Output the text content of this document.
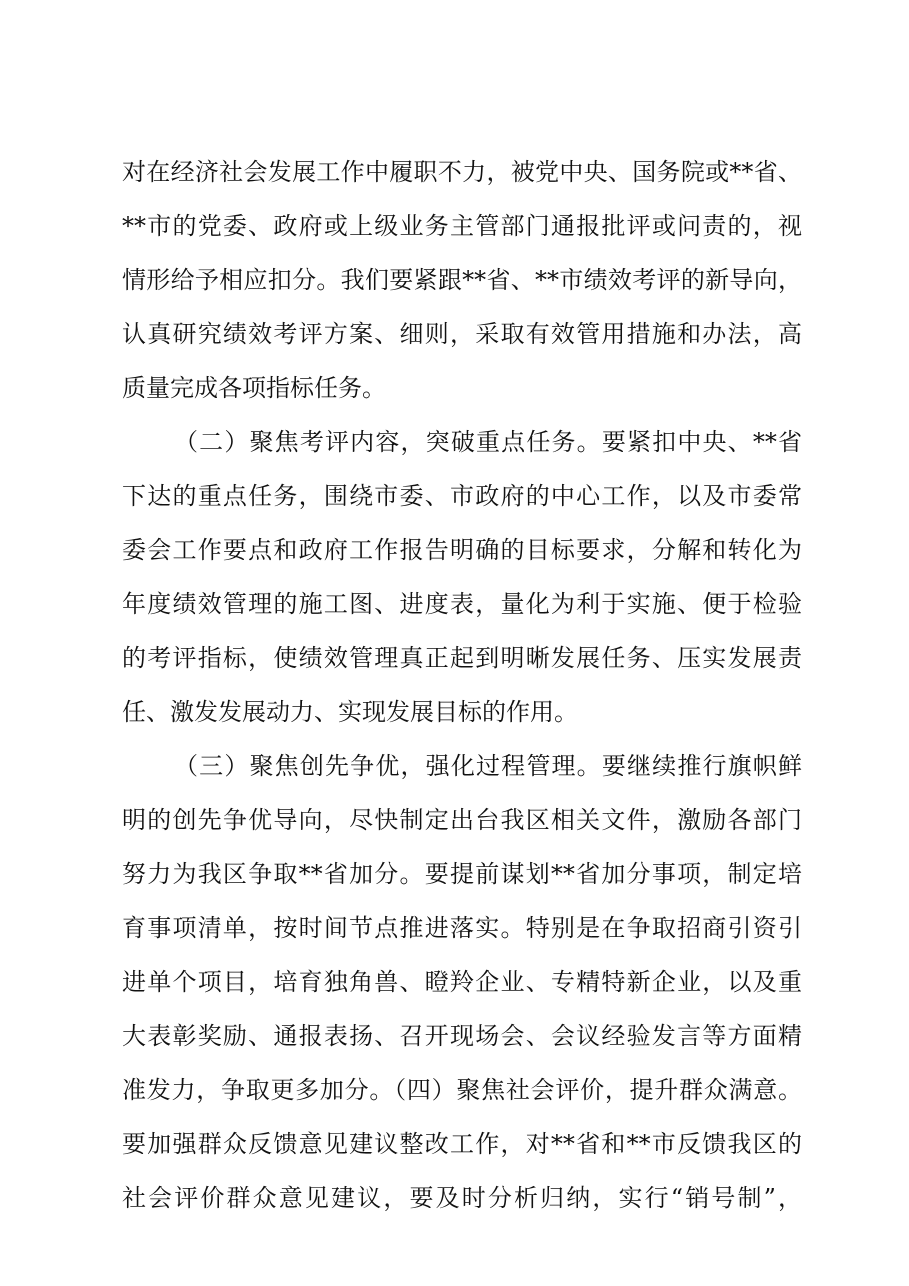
对在经济社会发展工作中履职不力，被党中央、国务院或**省、
**市的党委、政府或上级业务主管部门通报批评或问责的，视
情形给予相应扣分。我们要紧跟**省、**市绩效考评的新导向，
认真研究绩效考评方案、细则，采取有效管用措施和办法，高
质量完成各项指标任务。
（二）聚焦考评内容，突破重点任务。要紧扣中央、**省
下达的重点任务，围绕市委、市政府的中心工作，以及市委常
委会工作要点和政府工作报告明确的目标要求，分解和转化为
年度绩效管理的施工图、进度表，量化为利于实施、便于检验
的考评指标，使绩效管理真正起到明晰发展任务、压实发展责
任、激发发展动力、实现发展目标的作用。
（三）聚焦创先争优，强化过程管理。要继续推行旗帜鲜
明的创先争优导向，尽快制定出台我区相关文件，激励各部门
努力为我区争取**省加分。要提前谋划**省加分事项，制定培
育事项清单，按时间节点推进落实。特别是在争取招商引资引
进单个项目，培育独角兽、瞪羚企业、专精特新企业，以及重
大表彰奖励、通报表扬、召开现场会、会议经验发言等方面精
准发力，争取更多加分。（四）聚焦社会评价，提升群众满意。
要加强群众反馈意见建议整改工作，对**省和**市反馈我区的
社会评价群众意见建议，要及时分析归纳，实行“销号制”，
